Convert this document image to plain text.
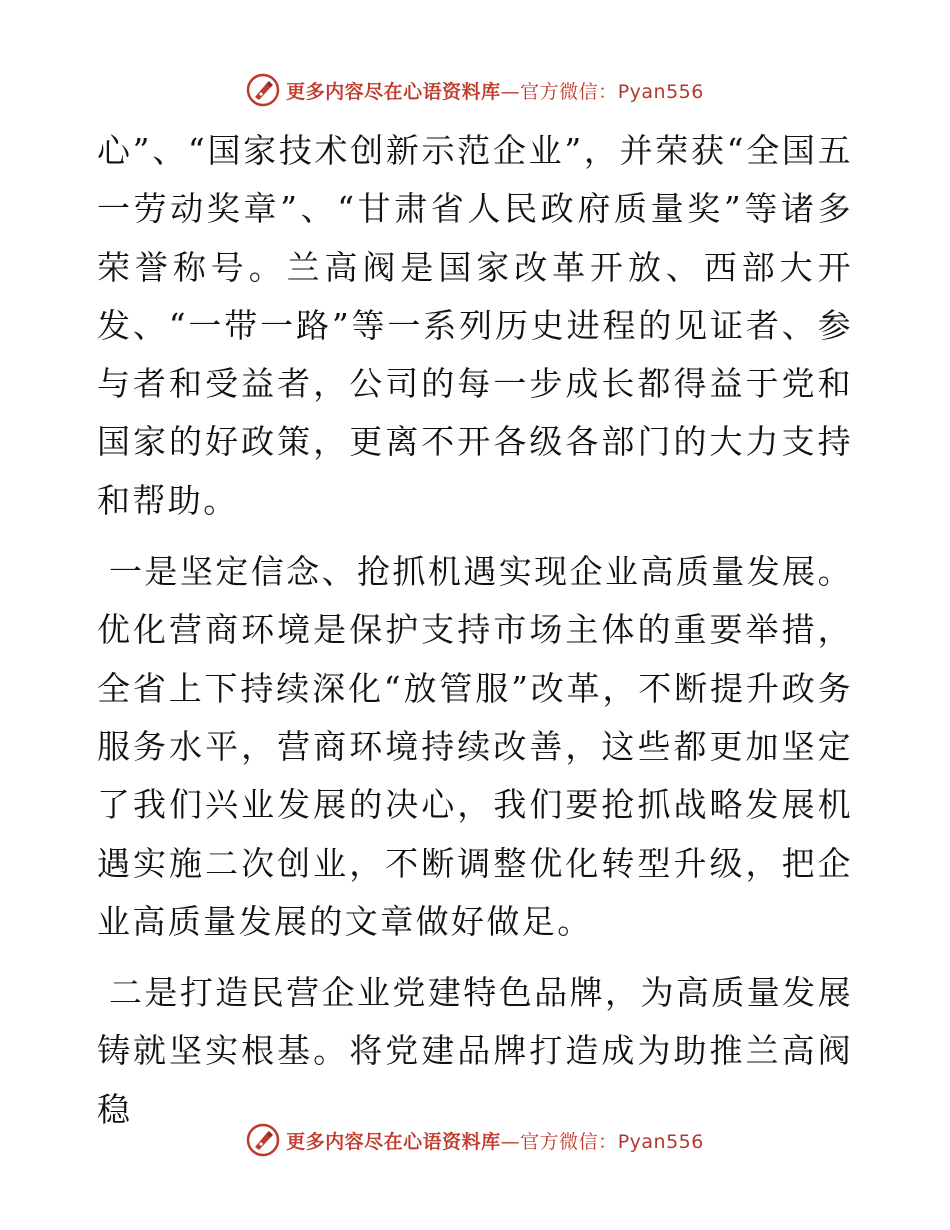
更多内容尽在心语资料库—官方微信：Pyan556

心”、“国家技术创新示范企业”，并荣获“全国五一劳动奖章”、“甘肃省人民政府质量奖”等诸多荣誉称号。兰高阀是国家改革开放、西部大开发、“一带一路”等一系列历史进程的见证者、参与者和受益者，公司的每一步成长都得益于党和国家的好政策，更离不开各级各部门的大力支持和帮助。

一是坚定信念、抢抓机遇实现企业高质量发展。优化营商环境是保护支持市场主体的重要举措，全省上下持续深化“放管服”改革，不断提升政务服务水平，营商环境持续改善，这些都更加坚定了我们兴业发展的决心，我们要抢抓战略发展机遇实施二次创业，不断调整优化转型升级，把企业高质量发展的文章做好做足。

二是打造民营企业党建特色品牌，为高质量发展铸就坚实根基。将党建品牌打造成为助推兰高阀稳

更多内容尽在心语资料库—官方微信：Pyan556
